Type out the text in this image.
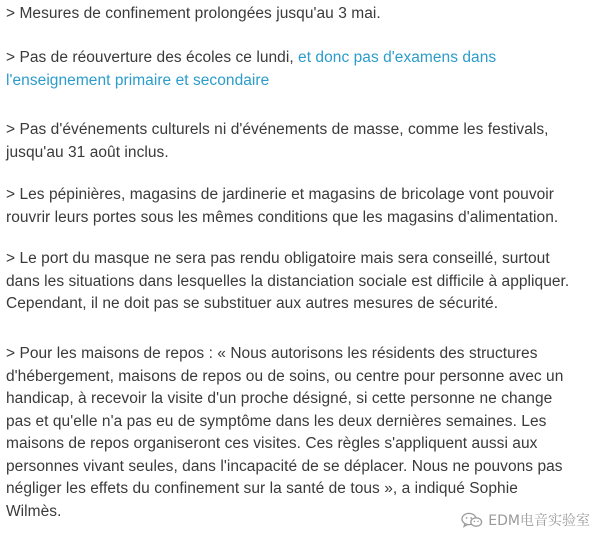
> Mesures de confinement prolongées jusqu'au 3 mai.

> Pas de réouverture des écoles ce lundi, et donc pas d'examens dans
l'enseignement primaire et secondaire

> Pas d'événements culturels ni d'événements de masse, comme les festivals,
jusqu'au 31 août inclus.

> Les pépinières, magasins de jardinerie et magasins de bricolage vont pouvoir
rouvrir leurs portes sous les mêmes conditions que les magasins d'alimentation.

> Le port du masque ne sera pas rendu obligatoire mais sera conseillé, surtout
dans les situations dans lesquelles la distanciation sociale est difficile à appliquer.
Cependant, il ne doit pas se substituer aux autres mesures de sécurité.

> Pour les maisons de repos : « Nous autorisons les résidents des structures
d'hébergement, maisons de repos ou de soins, ou centre pour personne avec un
handicap, à recevoir la visite d'un proche désigné, si cette personne ne change
pas et qu'elle n'a pas eu de symptôme dans les deux dernières semaines. Les
maisons de repos organiseront ces visites. Ces règles s'appliquent aussi aux
personnes vivant seules, dans l'incapacité de se déplacer. Nous ne pouvons pas
négliger les effets du confinement sur la santé de tous », a indiqué Sophie
Wilmès.

EDM电音实验室
